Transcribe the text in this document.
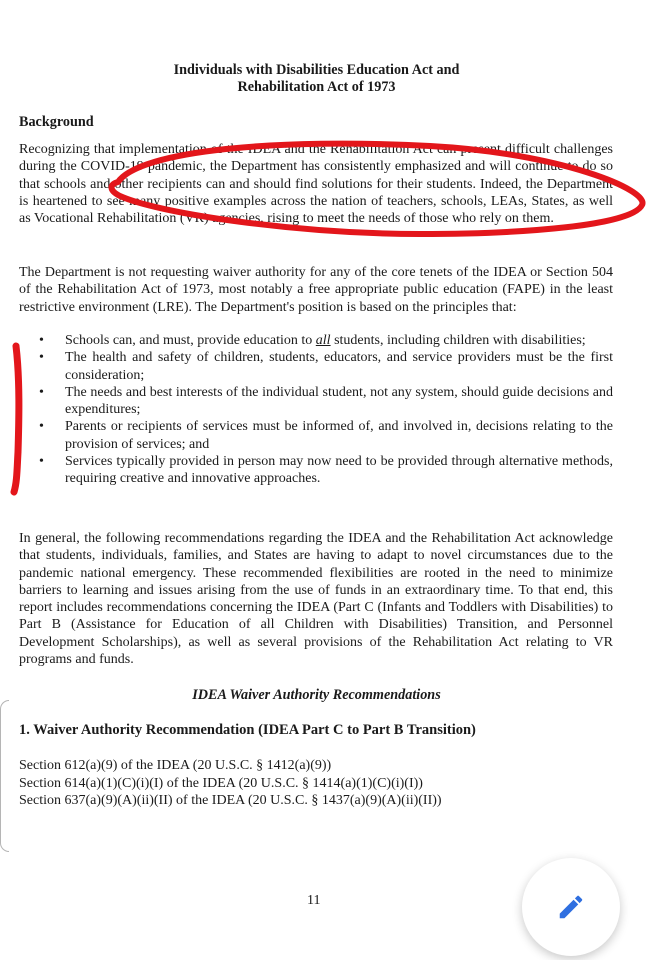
Individuals with Disabilities Education Act and
Rehabilitation Act of 1973
Background

Recognizing that implementation of the IDEA and the Rehabilitation Act can present difficult challenges during the COVID-19 pandemic, the Department has consistently emphasized and will continue to do so that schools and other recipients can and should find solutions for their students. Indeed, the Department is heartened to see many positive examples across the nation of teachers, schools, LEAs, States, as well as Vocational Rehabilitation (VR) agencies, rising to meet the needs of those who rely on them.

The Department is not requesting waiver authority for any of the core tenets of the IDEA or Section 504 of the Rehabilitation Act of 1973, most notably a free appropriate public education (FAPE) in the least restrictive environment (LRE). The Department's position is based on the principles that:

• Schools can, and must, provide education to all students, including children with disabilities;
• The health and safety of children, students, educators, and service providers must be the first consideration;
• The needs and best interests of the individual student, not any system, should guide decisions and expenditures;
• Parents or recipients of services must be informed of, and involved in, decisions relating to the provision of services; and
• Services typically provided in person may now need to be provided through alternative methods, requiring creative and innovative approaches.

In general, the following recommendations regarding the IDEA and the Rehabilitation Act acknowledge that students, individuals, families, and States are having to adapt to novel circumstances due to the pandemic national emergency. These recommended flexibilities are rooted in the need to minimize barriers to learning and issues arising from the use of funds in an extraordinary time. To that end, this report includes recommendations concerning the IDEA (Part C (Infants and Toddlers with Disabilities) to Part B (Assistance for Education of all Children with Disabilities) Transition, and Personnel Development Scholarships), as well as several provisions of the Rehabilitation Act relating to VR programs and funds.

IDEA Waiver Authority Recommendations
1. Waiver Authority Recommendation (IDEA Part C to Part B Transition)
Section 612(a)(9) of the IDEA (20 U.S.C. § 1412(a)(9))
Section 614(a)(1)(C)(i)(I) of the IDEA (20 U.S.C. § 1414(a)(1)(C)(i)(I))
Section 637(a)(9)(A)(ii)(II) of the IDEA (20 U.S.C. § 1437(a)(9)(A)(ii)(II))
11
